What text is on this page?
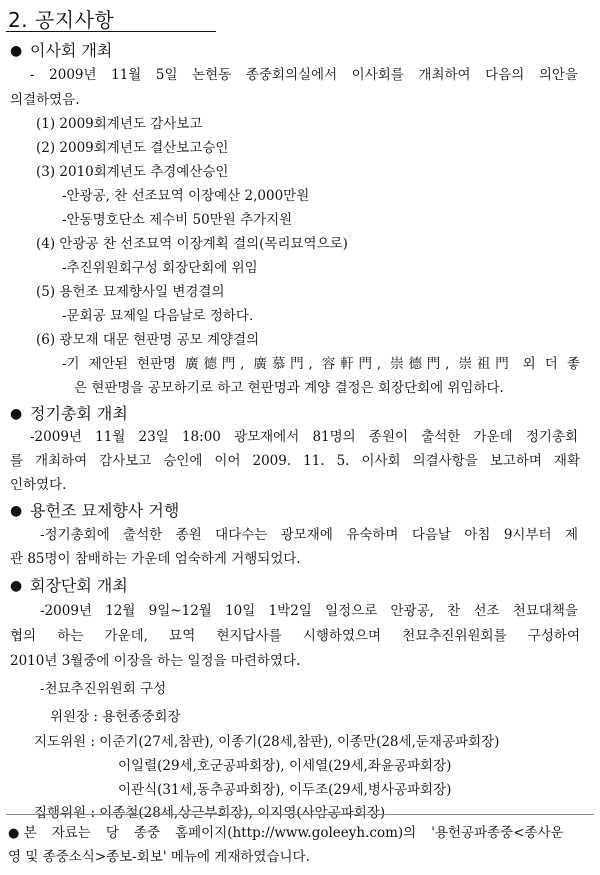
2. 공지사항
● 이사회 개최
- 2009년 11월 5일 논현동 종중회의실에서 이사회를 개최하여 다음의 의안을
의결하였음.
(1) 2009회계년도 감사보고
(2) 2009회계년도 결산보고승인
(3) 2010회계년도 추경예산승인
-안광공, 찬 선조묘역 이장예산 2,000만원
-안동명호단소 제수비 50만원 추가지원
(4) 안광공 찬 선조묘역 이장계획 결의(목리묘역으로)
-추진위원회구성 회장단회에 위임
(5) 용헌조 묘제향사일 변경결의
-문회공 묘제일 다음날로 정하다.
(6) 광모재 대문 현판명 공모 계양결의
-기 제안된 현판명 廣德門, 廣慕門, 容軒門, 崇德門, 崇祖門 외 더 좋
은 현판명을 공모하기로 하고 현판명과 계양 결정은 회장단회에 위임하다.
● 정기총회 개최
-2009년 11월 23일 18:00 광모재에서 81명의 종원이 출석한 가운데 정기총회
를 개최하여 감사보고 승인에 이어 2009. 11. 5. 이사회 의결사항을 보고하며 재확
인하였다.
● 용헌조 묘제향사 거행
-정기총회에 출석한 종원 대다수는 광모재에 유숙하며 다음날 아침 9시부터 제
관 85명이 참배하는 가운데 엄숙하게 거행되었다.
● 회장단회 개최
-2009년 12월 9일~12월 10일 1박2일 일정으로 안광공, 찬 선조 천묘대책을
협의 하는 가운데, 묘역 현지답사를 시행하였으며 천묘추진위원회를 구성하여
2010년 3월중에 이장을 하는 일정을 마련하였다.
-천묘추진위원회 구성
위원장 : 용헌종중회장
지도위원 : 이준기(27세,참판), 이종기(28세,참판), 이종만(28세,둔재공파회장)
이일렬(29세,호군공파회장), 이세열(29세,좌윤공파회장)
이관식(31세,동추공파회장), 이두조(29세,병사공파회장)
집행위원 : 이종철(28세,상근부회장), 이지영(사암공파회장)
● 본 자료는 당 종중 홈페이지(http://www.goleeyh.com)의 '용헌공파종중<종사운
영 및 종중소식>종보-회보' 메뉴에 게재하였습니다.
